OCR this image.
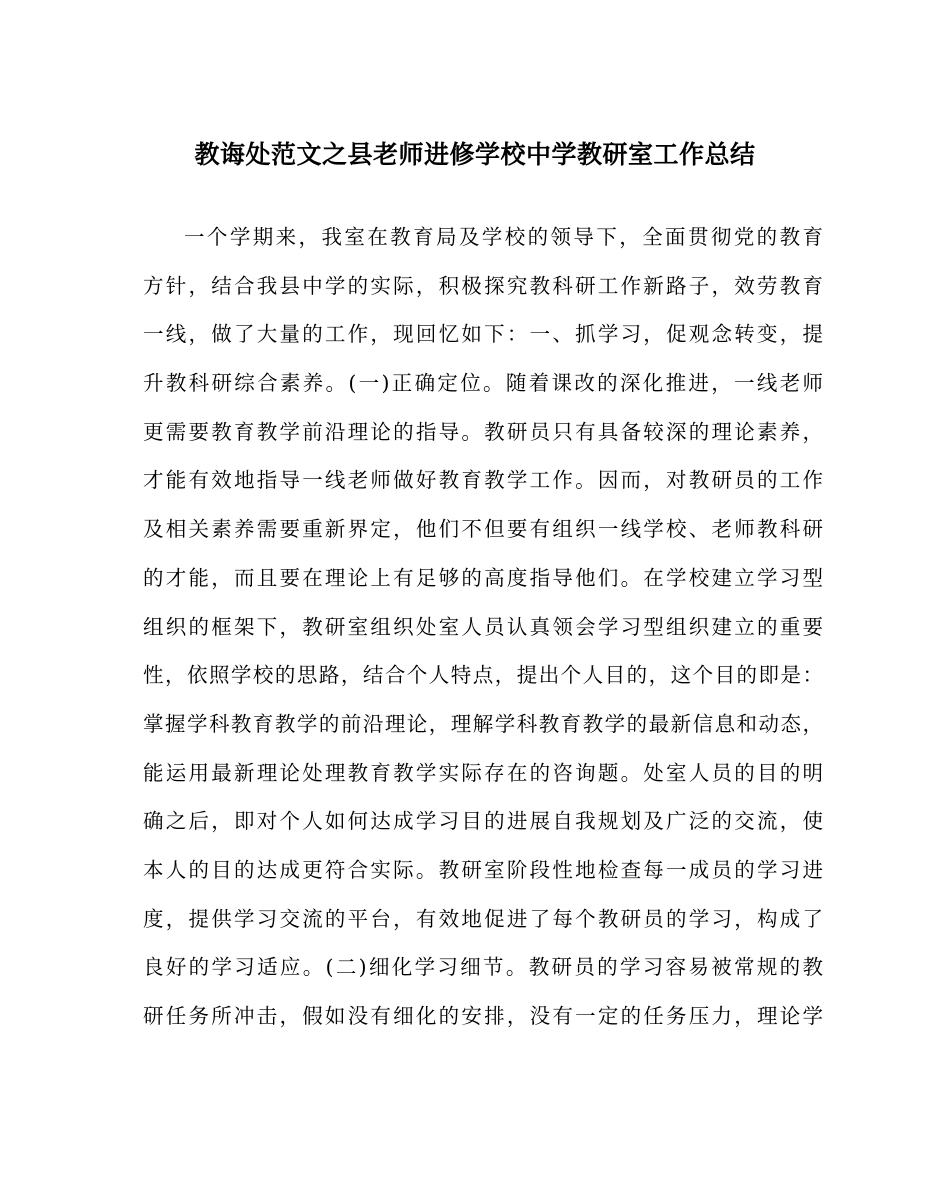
教诲处范文之县老师进修学校中学教研室工作总结
一个学期来，我室在教育局及学校的领导下，全面贯彻党的教育
方针，结合我县中学的实际，积极探究教科研工作新路子，效劳教育
一线，做了大量的工作，现回忆如下：一、抓学习，促观念转变，提
升教科研综合素养。(一)正确定位。随着课改的深化推进，一线老师
更需要教育教学前沿理论的指导。教研员只有具备较深的理论素养，
才能有效地指导一线老师做好教育教学工作。因而，对教研员的工作
及相关素养需要重新界定，他们不但要有组织一线学校、老师教科研
的才能，而且要在理论上有足够的高度指导他们。在学校建立学习型
组织的框架下，教研室组织处室人员认真领会学习型组织建立的重要
性，依照学校的思路，结合个人特点，提出个人目的，这个目的即是：
掌握学科教育教学的前沿理论，理解学科教育教学的最新信息和动态，
能运用最新理论处理教育教学实际存在的咨询题。处室人员的目的明
确之后，即对个人如何达成学习目的进展自我规划及广泛的交流，使
本人的目的达成更符合实际。教研室阶段性地检查每一成员的学习进
度，提供学习交流的平台，有效地促进了每个教研员的学习，构成了
良好的学习适应。(二)细化学习细节。教研员的学习容易被常规的教
研任务所冲击，假如没有细化的安排，没有一定的任务压力，理论学
